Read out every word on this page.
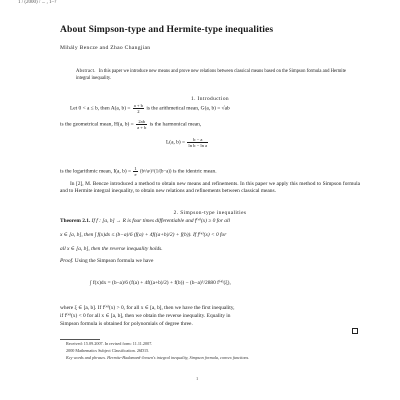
1 / (2000) / ... , 1–?
About Simpson-type and Hermite-type inequalities
Mihály Bencze and Zhao Changjian
Abstract. In this paper we introduce new means and prove new relations between classical means based on the Simpson formula and Hermite integral inequality.
1. Introduction
Let 0 < a ≤ b, then A(a, $b) = \frac{a + b}{2}$ is the arithmetical mean, G(a, b) = √ab
is the geometrical mean, H(a, $b) = \frac{2ab}{a + b}$ is the harmonical mean,
L(a, $b) = \frac{b - a}{\text{ln b − ln a}}$
is the logarithmic mean, I(a, $b) = \frac{1}{e}$ (bᵇ/aᵃ)^(1/(b−a)) is the identric mean.
In [2], M. Bencze introduced a method to obtain new means and refinements. In this paper we apply this method to Simpson formula and to Hermite integral inequality, to obtain new relations and refinements between classical means.
2. Simpson-type inequalities
Theorem 2.1. If f : [a, b] → R is four times differentiable and f⁽⁴⁾(x) ≥ 0 for all
x ∈ [a, b], then ∫ f(x)dx ≤ (b−a)/6 (f(a) + 4f((a+b)/2) + f(b)). If f⁽⁴⁾(x) < 0 for
all x ∈ [a, b], then the reverse inequality holds.
Proof. Using the Simpson formula we have
∫ f(x)dx = (b−a)/6 (f(a) + 4f((a+b)/2) + f(b)) − (b−a)⁵/2880 f⁽⁴⁾(ξ),
where ξ ∈ [a, b]. If f⁽⁴⁾(x) > 0, for all x ∈ [a, b], then we have the first inequality,
if f⁽⁴⁾(x) < 0 for all x ∈ [a, b], then we obtain the reverse inequality. Equality in
Simpson formula is obtained for polynomials of degree three.
Received: 15.09.2007. In revised form: 11.11.2007.
2000 Mathematics Subject Classification. 26D15.
Key words and phrases. Hermite-Hadamard-Jensen's integral inequality, Simpson formula, convex functions.
1
